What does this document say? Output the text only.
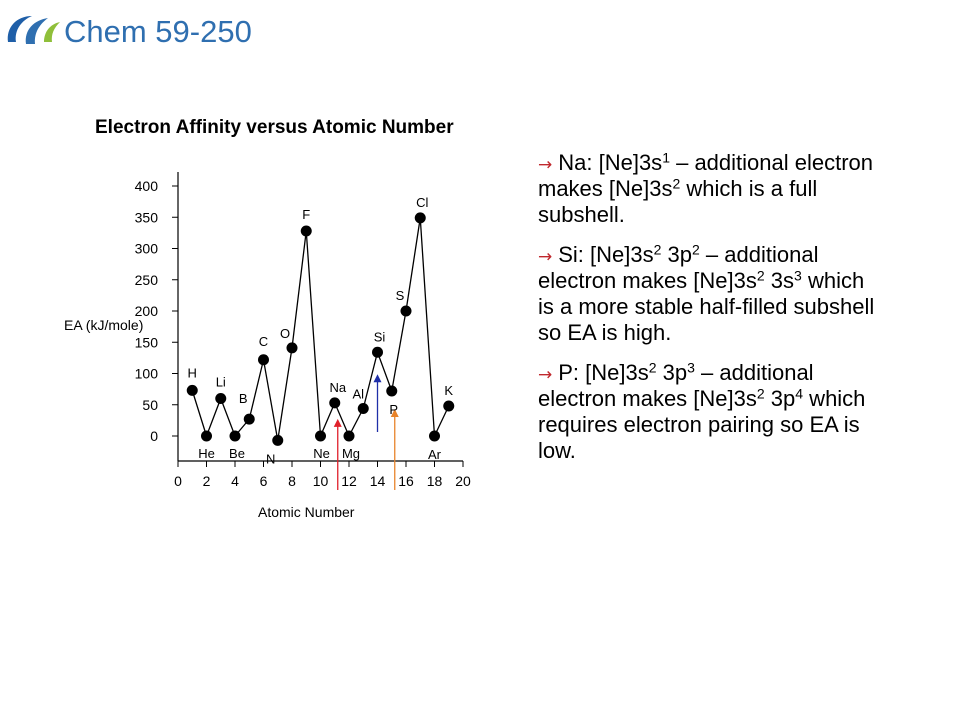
Chem 59-250
Electron Affinity versus Atomic Number
EA (kJ/mole)
Atomic Number
0
50
100
150
200
250
300
350
400
0 2 4 6 8 10 12 14 16 18 20
H
He
Li
Be
B
C
N
O
F
Ne
Na
Mg
Al
Si
P
S
Cl
Ar
K
→ Na: $[Ne]3s^1$ – additional electron makes $[Ne]3s^2$ which is a full subshell.
→ Si: $[Ne]3s^2$ $3p^2$ – additional electron makes $[Ne]3s^2$ $3s^3$ which is a more stable half-filled subshell so EA is high.
→ P: $[Ne]3s^2$ $3p^3$ – additional electron makes $[Ne]3s^2$ $3p^4$ which requires electron pairing so EA is low.
